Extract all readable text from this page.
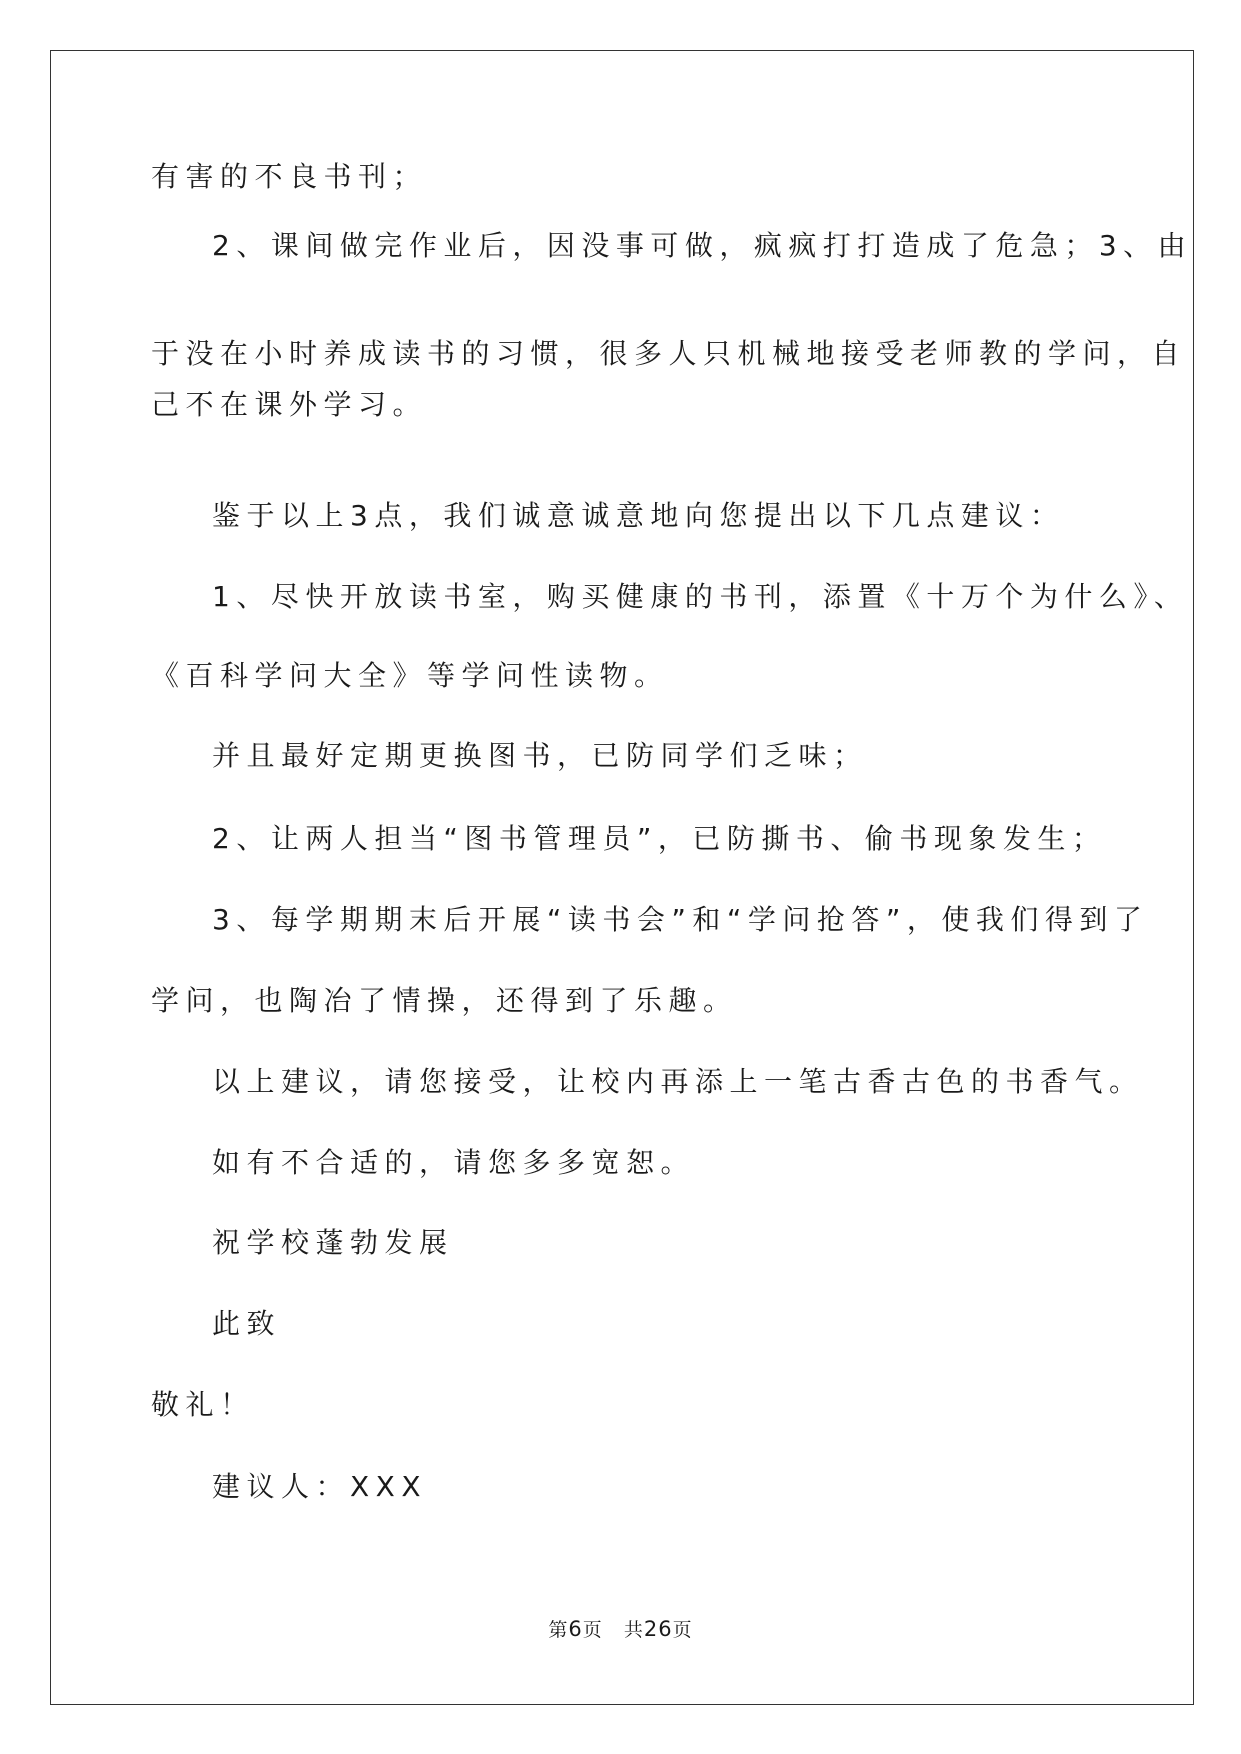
有害的不良书刊；
2、课间做完作业后，因没事可做，疯疯打打造成了危急；3、由
于没在小时养成读书的习惯，很多人只机械地接受老师教的学问，自
己不在课外学习。
鉴于以上3点，我们诚意诚意地向您提出以下几点建议：
1、尽快开放读书室，购买健康的书刊，添置《十万个为什么》、
《百科学问大全》等学问性读物。
并且最好定期更换图书，已防同学们乏味；
2、让两人担当“图书管理员”，已防撕书、偷书现象发生；
3、每学期期末后开展“读书会”和“学问抢答”，使我们得到了
学问，也陶冶了情操，还得到了乐趣。
以上建议，请您接受，让校内再添上一笔古香古色的书香气。
如有不合适的，请您多多宽恕。
祝学校蓬勃发展
此致
敬礼！
建议人：XXX
第6页 共26页
